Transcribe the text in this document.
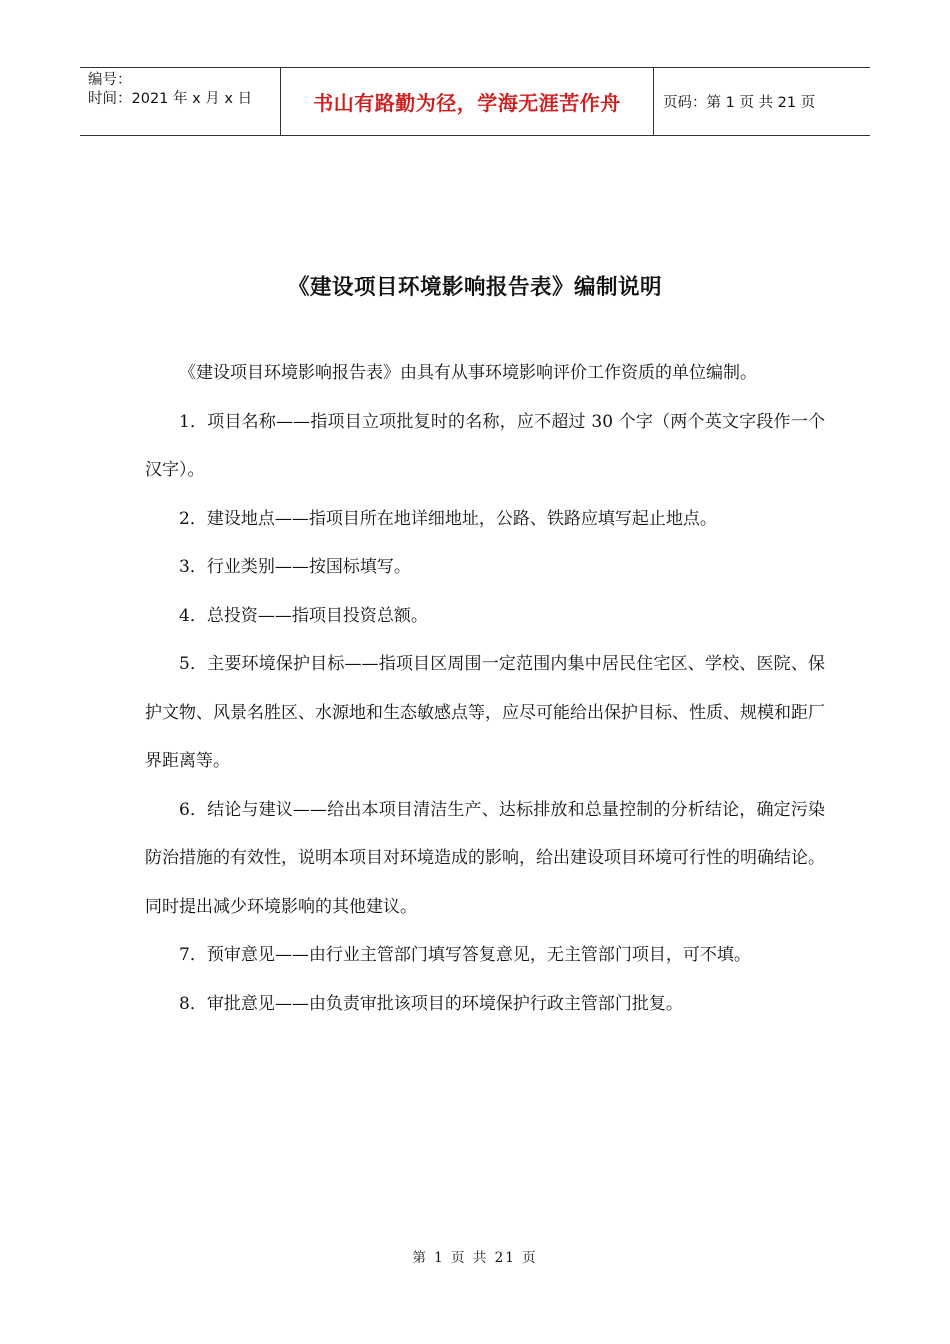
编号：
时间：2021 年 x 月 x 日	书山有路勤为径，学海无涯苦作舟	页码：第 1 页 共 21 页
《建设项目环境影响报告表》编制说明

《建设项目环境影响报告表》由具有从事环境影响评价工作资质的单位编制。

1．项目名称——指项目立项批复时的名称，应不超过 30 个字（两个英文字段作一个汉字）。

2．建设地点——指项目所在地详细地址，公路、铁路应填写起止地点。

3．行业类别——按国标填写。

4．总投资——指项目投资总额。

5．主要环境保护目标——指项目区周围一定范围内集中居民住宅区、学校、医院、保护文物、风景名胜区、水源地和生态敏感点等，应尽可能给出保护目标、性质、规模和距厂界距离等。

6．结论与建议——给出本项目清洁生产、达标排放和总量控制的分析结论，确定污染防治措施的有效性，说明本项目对环境造成的影响，给出建设项目环境可行性的明确结论。同时提出减少环境影响的其他建议。

7．预审意见——由行业主管部门填写答复意见，无主管部门项目，可不填。

8．审批意见——由负责审批该项目的环境保护行政主管部门批复。

第 1 页 共 21 页
